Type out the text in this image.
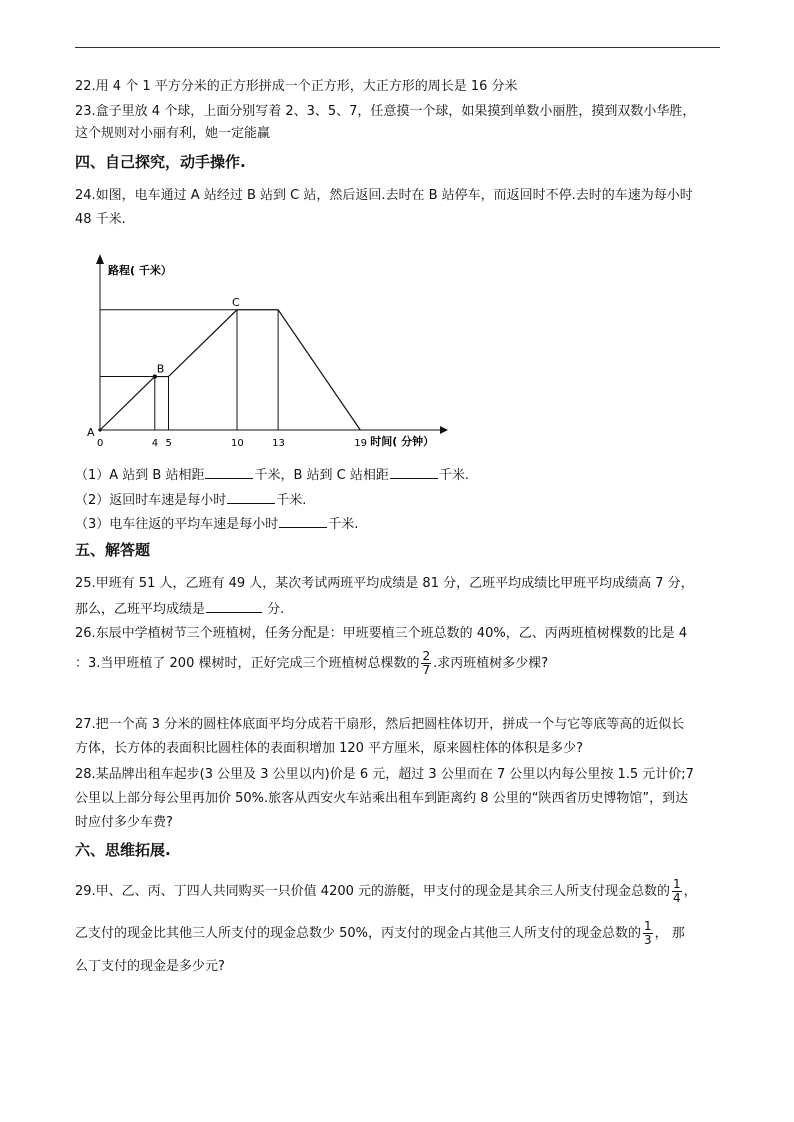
22.用 4 个 1 平方分米的正方形拼成一个正方形，大正方形的周长是 16 分米
23.盒子里放 4 个球，上面分别写着 2、3、5、7，任意摸一个球，如果摸到单数小丽胜，摸到双数小华胜，
这个规则对小丽有利，她一定能赢
四、自己探究，动手操作.
24.如图，电车通过 A 站经过 B 站到 C 站，然后返回.去时在 B 站停车，而返回时不停.去时的车速为每小时
48 千米.
A
B
C
0	4 5	10	13	19
路程( 千米）
时间( 分钟）
（1）A 站到 B 站相距	千米，B 站到 C 站相距	千米.
（2）返回时车速是每小时	千米.
（3）电车往返的平均车速是每小时	千米.
五、解答题
25.甲班有 51 人，乙班有 49 人，某次考试两班平均成绩是 81 分，乙班平均成绩比甲班平均成绩高 7 分，
那么，乙班平均成绩是	分.
26.东辰中学植树节三个班植树，任务分配是：甲班要植三个班总数的 40%，乙、丙两班植树棵数的比是 4
：3.当甲班植了 200 棵树时，正好完成三个班植树总棵数的 $\frac{2}{7}$ .求丙班植树多少棵?
27.把一个高 3 分米的圆柱体底面平均分成若干扇形，然后把圆柱体切开，拼成一个与它等底等高的近似长
方体，长方体的表面积比圆柱体的表面积增加 120 平方厘米，原来圆柱体的体积是多少?
28.某品牌出租车起步(3 公里及 3 公里以内)价是 6 元，超过 3 公里而在 7 公里以内每公里按 1.5 元计价;7
公里以上部分每公里再加价 50%.旅客从西安火车站乘出租车到距离约 8 公里的“陕西省历史博物馆”，到达
时应付多少车费?
六、思维拓展.
29.甲、乙、丙、丁四人共同购买一只价值 4200 元的游艇，甲支付的现金是其余三人所支付现金总数的 $\frac{1}{4}$ ，
乙支付的现金比其他三人所支付的现金总数少 50%，丙支付的现金占其他三人所支付的现金总数的 $\frac{1}{3}$ ， 那
么丁支付的现金是多少元?
